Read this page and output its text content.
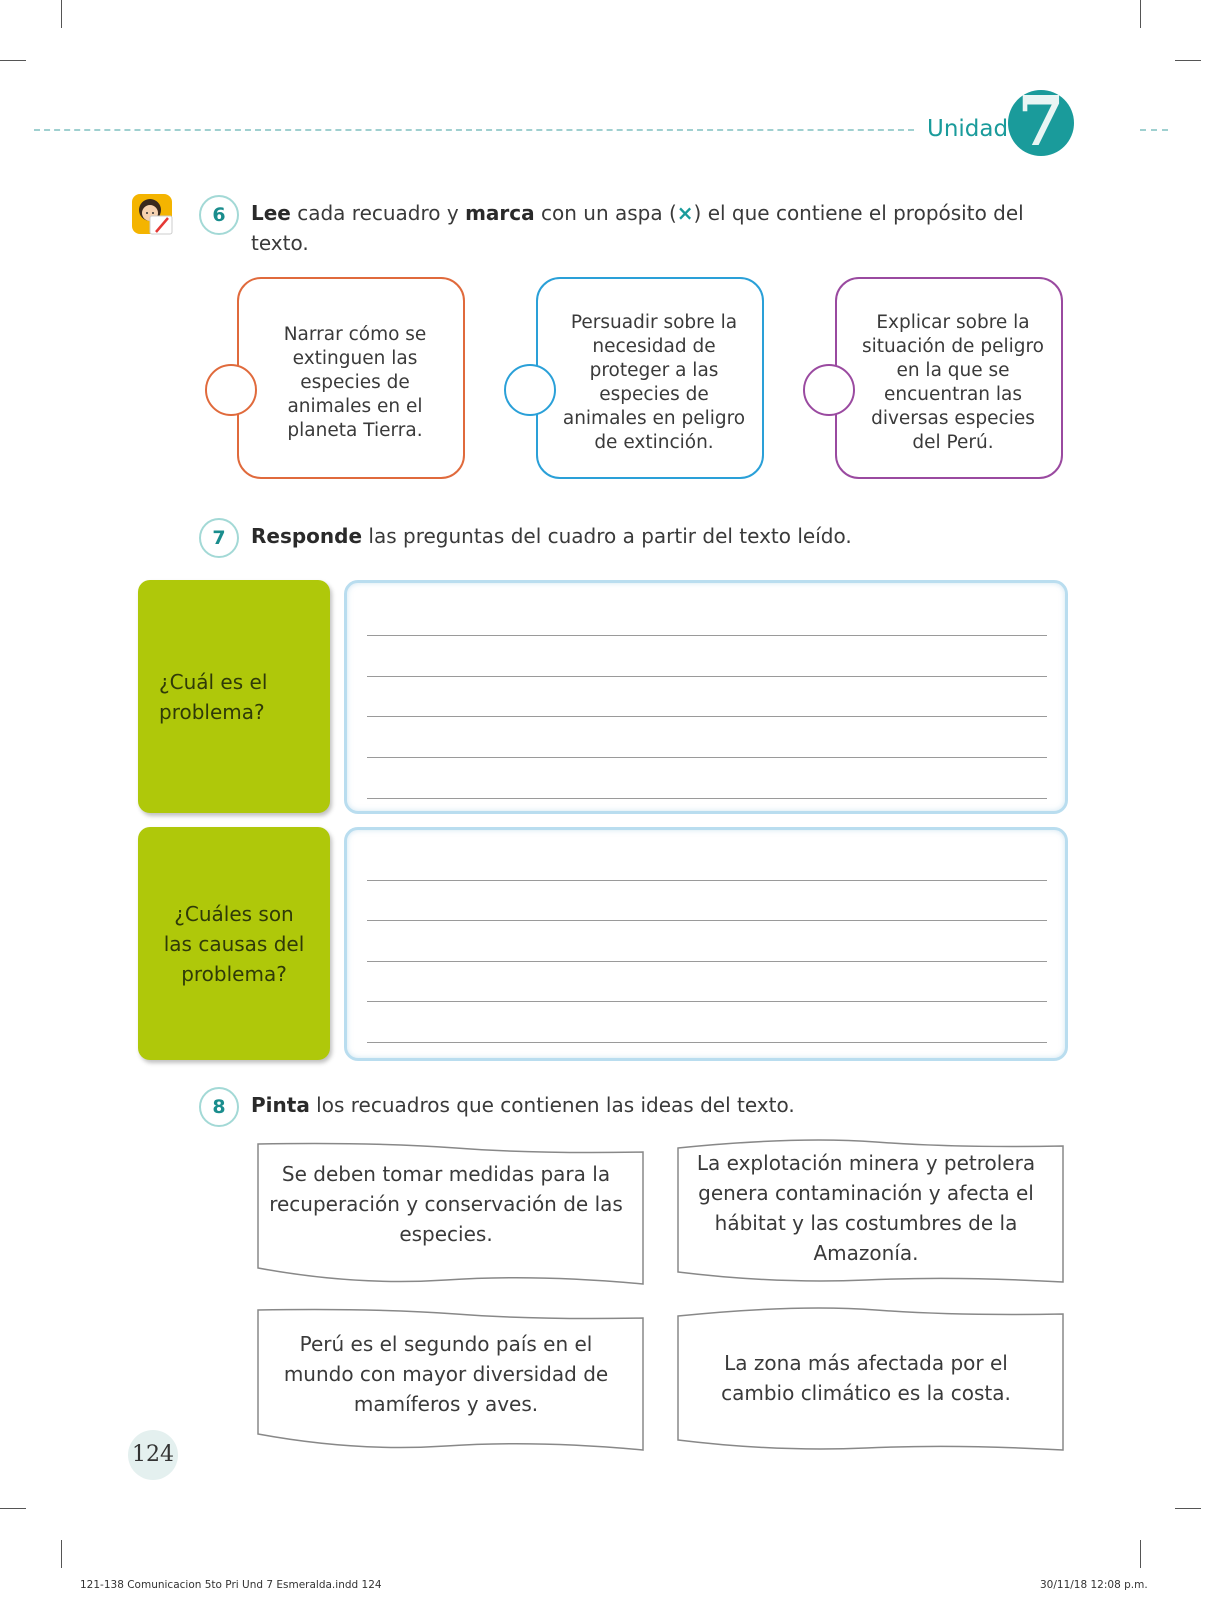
Unidad 7
6	Lee cada recuadro y marca con un aspa (×) el que contiene el propósito del texto.
Narrar cómo se extinguen las especies de animales en el planeta Tierra.
Persuadir sobre la necesidad de proteger a las especies de animales en peligro de extinción.
Explicar sobre la situación de peligro en la que se encuentran las diversas especies del Perú.
7	Responde las preguntas del cuadro a partir del texto leído.
¿Cuál es el
problema?
¿Cuáles son
las causas del
problema?
8	Pinta los recuadros que contienen las ideas del texto.
Se deben tomar medidas para la recuperación y conservación de las especies.
La explotación minera y petrolera genera contaminación y afecta el hábitat y las costumbres de la Amazonía.
Perú es el segundo país en el mundo con mayor diversidad de mamíferos y aves.
La zona más afectada por el cambio climático es la costa.
124
121-138 Comunicacion 5to Pri Und 7 Esmeralda.indd 124	30/11/18 12:08 p.m.
